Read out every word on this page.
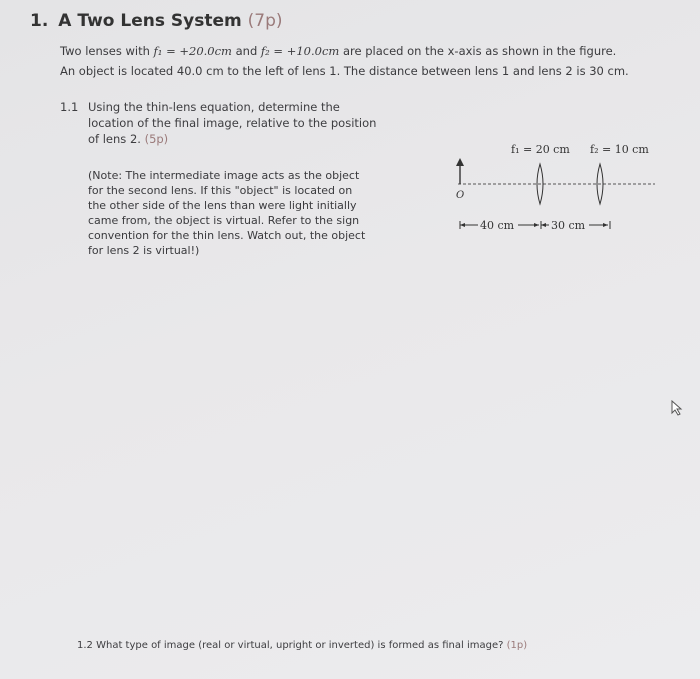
1. A Two Lens System (7p)
Two lenses with f₁ = +20.0cm and f₂ = +10.0cm are placed on the x-axis as shown in the figure.
An object is located 40.0 cm to the left of lens 1. The distance between lens 1 and lens 2 is 30 cm.
1.1 Using the thin-lens equation, determine the
location of the final image, relative to the position
of lens 2. (5p)
(Note: The intermediate image acts as the object
for the second lens. If this "object" is located on
the other side of the lens than were light initially
came from, the object is virtual. Refer to the sign
convention for the thin lens. Watch out, the object
for lens 2 is virtual!)
f₁ = 20 cm f₂ = 10 cm
O
40 cm	30 cm
1.2 What type of image (real or virtual, upright or inverted) is formed as final image? (1p)
